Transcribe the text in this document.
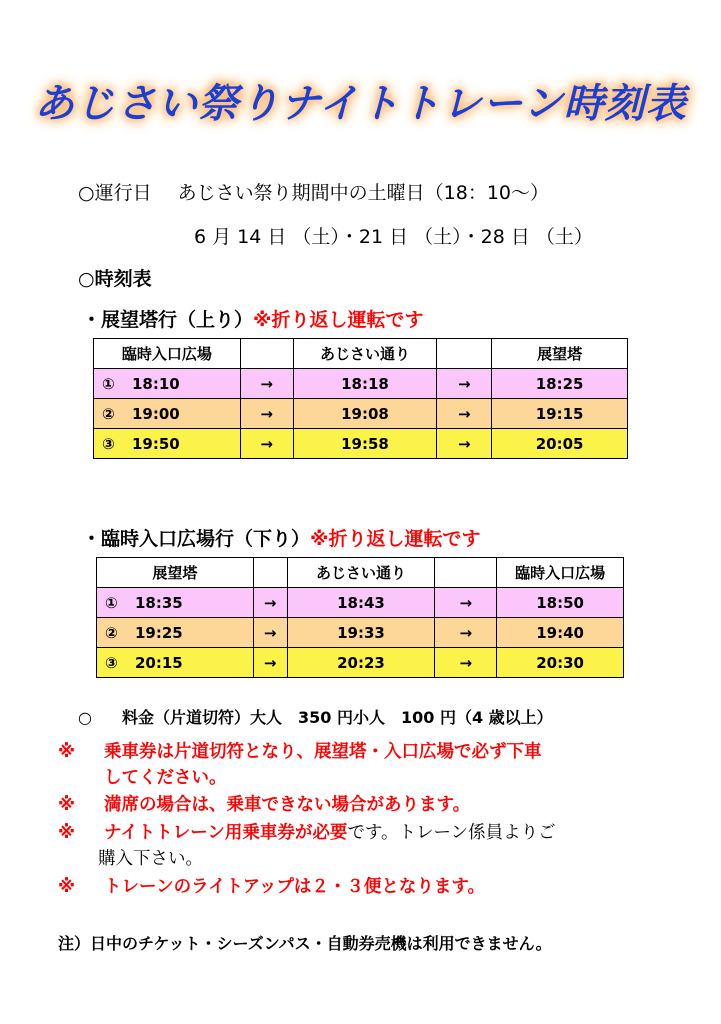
あじさい祭りナイトトレーン時刻表
○運行日 あじさい祭り期間中の土曜日（18：10～）
6 月 14 日 （土）・21 日 （土）・28 日 （土）
○時刻表
・展望塔行（上り）※折り返し運転です
臨時入口広場		あじさい通り		展望塔
① 18:10	→	18:18	→	18:25
② 19:00	→	19:08	→	19:15
③ 19:50	→	19:58	→	20:05
・臨時入口広場行（下り）※折り返し運転です
展望塔		あじさい通り		臨時入口広場
① 18:35	→	18:43	→	18:50
② 19:25	→	19:33	→	19:40
③ 20:15	→	20:23	→	20:30
○ 料金（片道切符）大人　350 円小人　100 円（4 歳以上）
※ 乗車券は片道切符となり、展望塔・入口広場で必ず下車
してください。
※ 満席の場合は、乗車できない場合があります。
※ ナイトトレーン用乗車券が必要です。トレーン係員よりご
購入下さい。
※ トレーンのライトアップは２・３便となります。
注）日中のチケット・シーズンパス・自動券売機は利用できません。
